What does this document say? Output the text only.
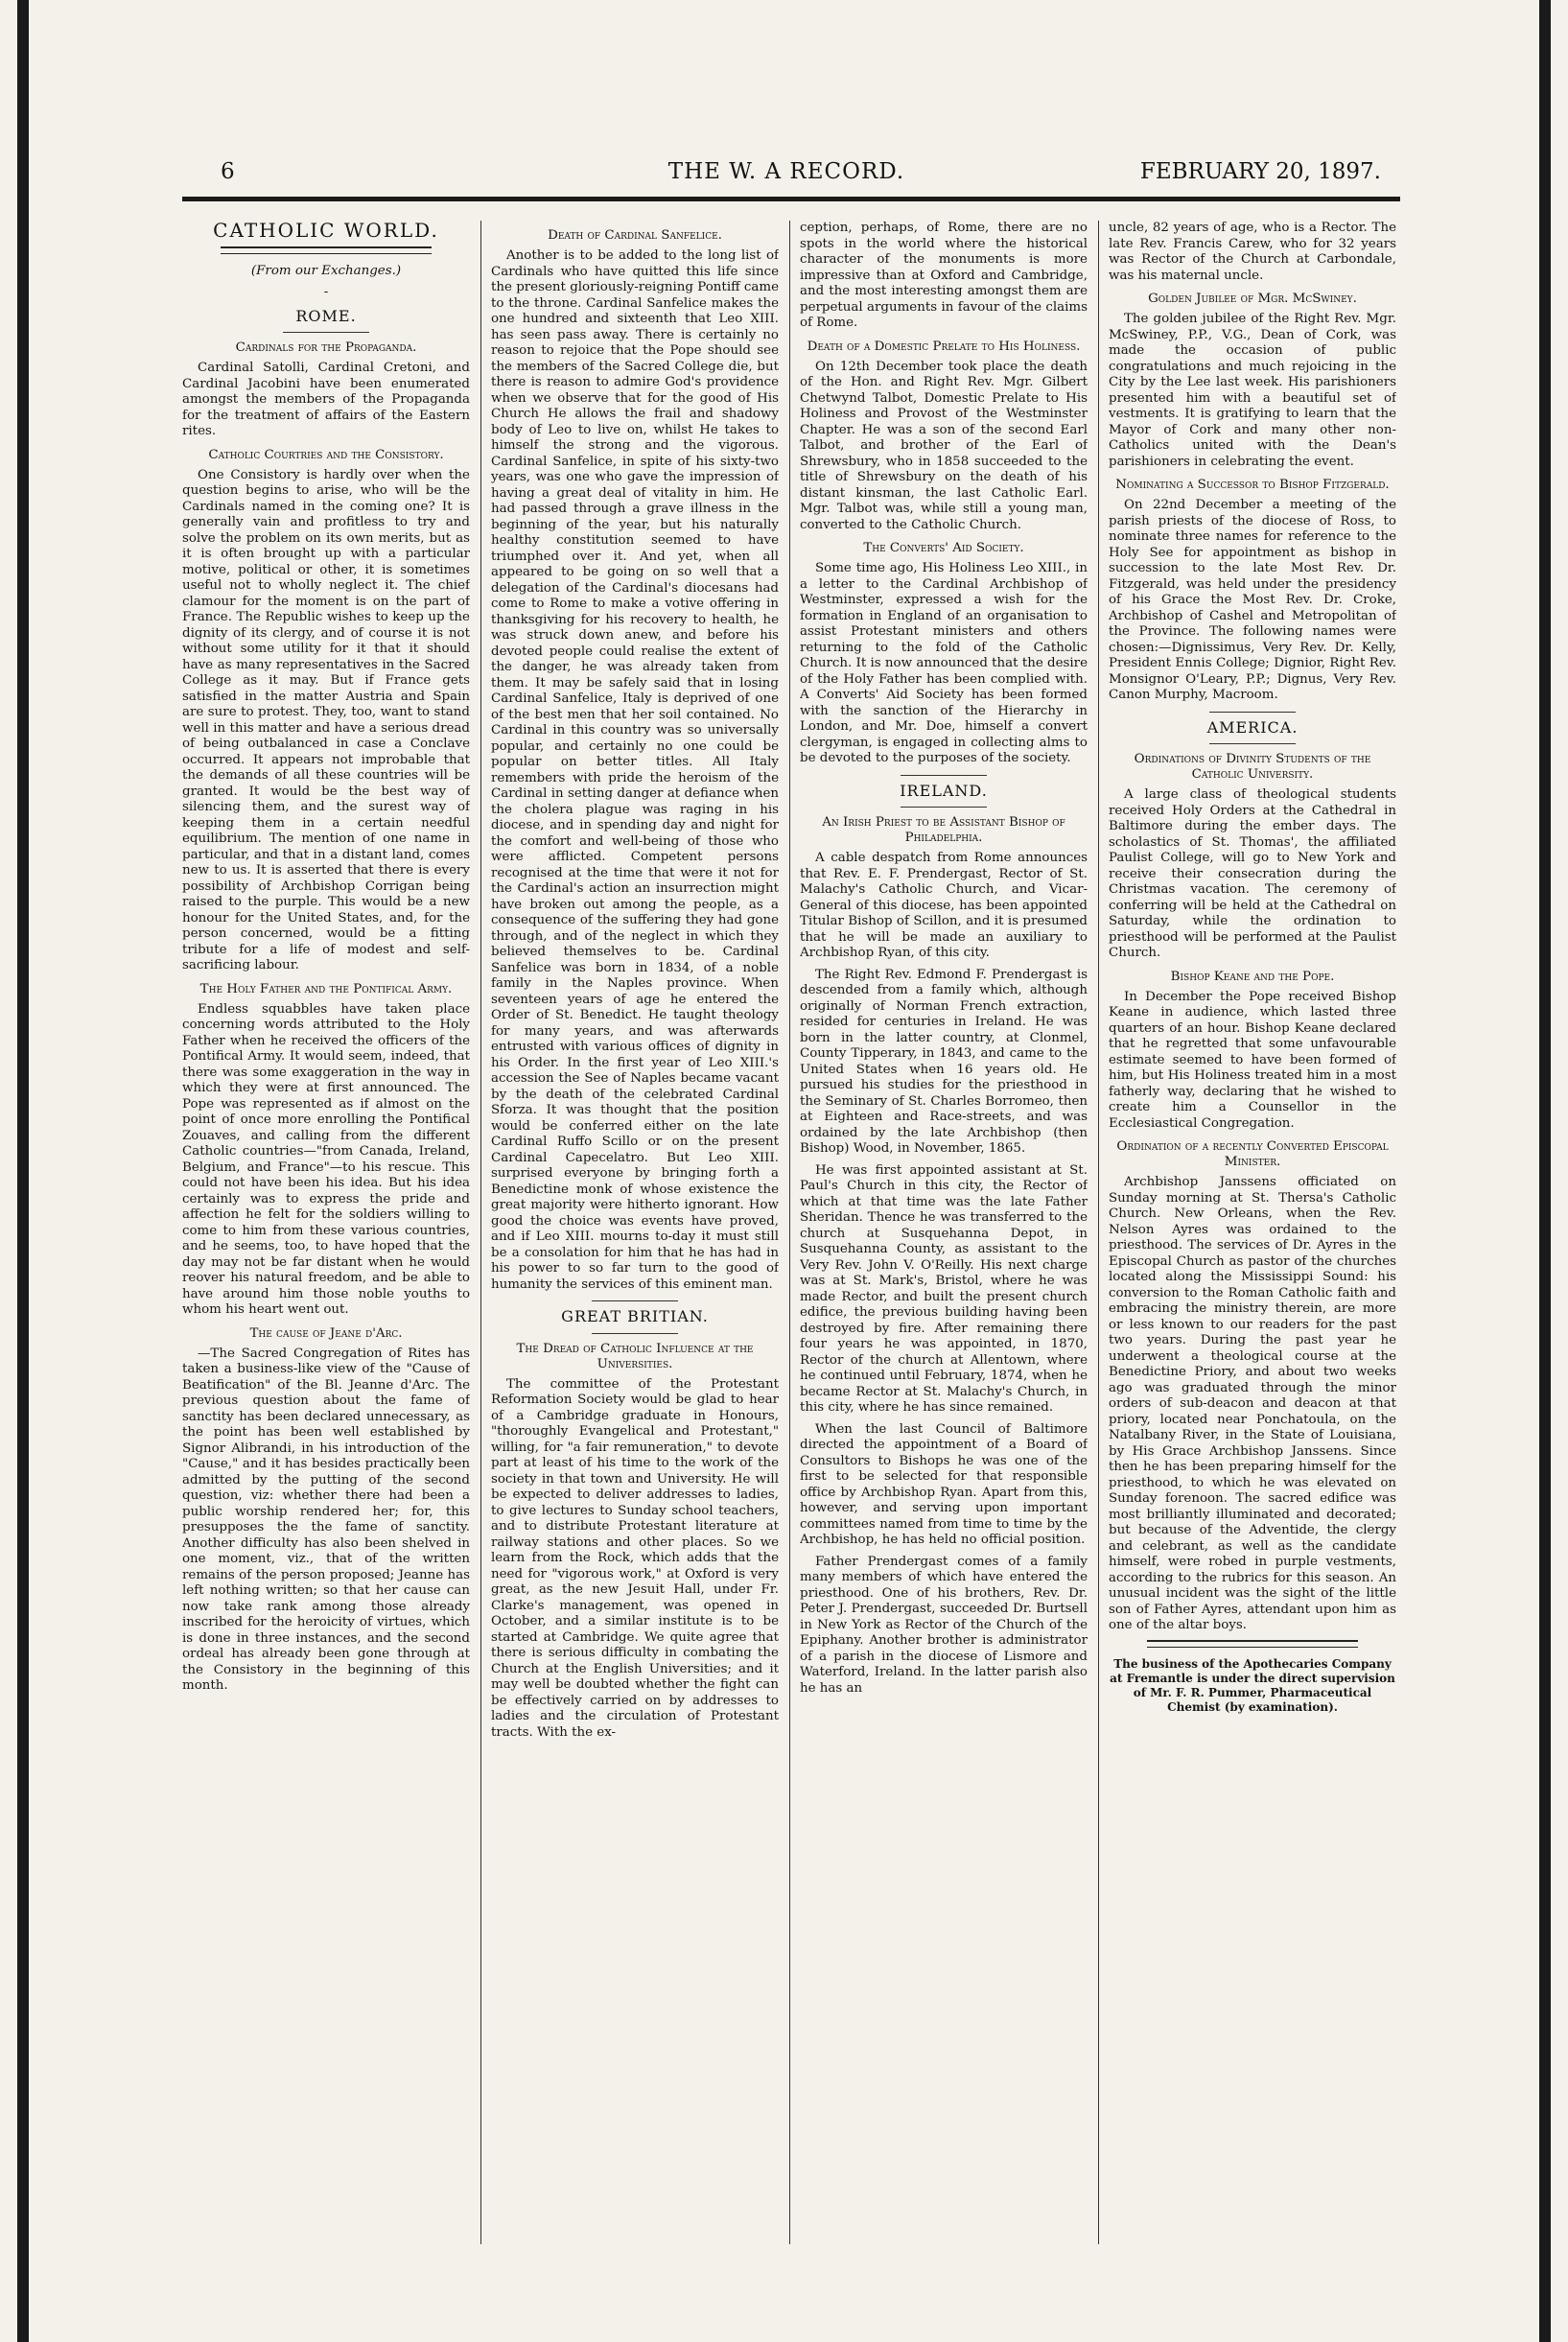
6	THE W. A RECORD.	FEBRUARY 20, 1897.
CATHOLIC WORLD.
(From our Exchanges.)
-
ROME.
Cardinals for the Propaganda.

Cardinal Satolli, Cardinal Cretoni, and Cardinal Jacobini have been enumerated amongst the members of the Propaganda for the treatment of affairs of the Eastern rites.

Catholic Courtries and the Consistory.

One Consistory is hardly over when the question begins to arise, who will be the Cardinals named in the coming one? It is generally vain and profitless to try and solve the problem on its own merits, but as it is often brought up with a particular motive, political or other, it is sometimes useful not to wholly neglect it. The chief clamour for the moment is on the part of France. The Republic wishes to keep up the dignity of its clergy, and of course it is not without some utility for it that it should have as many representatives in the Sacred College as it may. But if France gets satisfied in the matter Austria and Spain are sure to protest. They, too, want to stand well in this matter and have a serious dread of being outbalanced in case a Conclave occurred. It appears not improbable that the demands of all these countries will be granted. It would be the best way of silencing them, and the surest way of keeping them in a certain needful equilibrium. The mention of one name in particular, and that in a distant land, comes new to us. It is asserted that there is every possibility of Archbishop Corrigan being raised to the purple. This would be a new honour for the United States, and, for the person concerned, would be a fitting tribute for a life of modest and self-sacrificing labour.

The Holy Father and the Pontifical Army.

Endless squabbles have taken place concerning words attributed to the Holy Father when he received the officers of the Pontifical Army. It would seem, indeed, that there was some exaggeration in the way in which they were at first announced. The Pope was represented as if almost on the point of once more enrolling the Pontifical Zouaves, and calling from the different Catholic countries—"from Canada, Ireland, Belgium, and France"—to his rescue. This could not have been his idea. But his idea certainly was to express the pride and affection he felt for the soldiers willing to come to him from these various countries, and he seems, too, to have hoped that the day may not be far distant when he would reover his natural freedom, and be able to have around him those noble youths to whom his heart went out.

The cause of Jeane d'Arc.

—The Sacred Congregation of Rites has taken a business-like view of the "Cause of Beatification" of the Bl. Jeanne d'Arc. The previous question about the fame of sanctity has been declared unnecessary, as the point has been well established by Signor Alibrandi, in his introduction of the "Cause," and it has besides practically been admitted by the putting of the second question, viz: whether there had been a public worship rendered her; for, this presupposes the the fame of sanctity. Another difficulty has also been shelved in one moment, viz., that of the written remains of the person proposed; Jeanne has left nothing written; so that her cause can now take rank among those already inscribed for the heroicity of virtues, which is done in three instances, and the second ordeal has already been gone through at the Consistory in the beginning of this month.

Death of Cardinal Sanfelice.

Another is to be added to the long list of Cardinals who have quitted this life since the present gloriously-reigning Pontiff came to the throne. Cardinal Sanfelice makes the one hundred and sixteenth that Leo XIII. has seen pass away. There is certainly no reason to rejoice that the Pope should see the members of the Sacred College die, but there is reason to admire God's providence when we observe that for the good of His Church He allows the frail and shadowy body of Leo to live on, whilst He takes to himself the strong and the vigorous. Cardinal Sanfelice, in spite of his sixty-two years, was one who gave the impression of having a great deal of vitality in him. He had passed through a grave illness in the beginning of the year, but his naturally healthy constitution seemed to have triumphed over it. And yet, when all appeared to be going on so well that a delegation of the Cardinal's diocesans had come to Rome to make a votive offering in thanksgiving for his recovery to health, he was struck down anew, and before his devoted people could realise the extent of the danger, he was already taken from them. It may be safely said that in losing Cardinal Sanfelice, Italy is deprived of one of the best men that her soil contained. No Cardinal in this country was so universally popular, and certainly no one could be popular on better titles. All Italy remembers with pride the heroism of the Cardinal in setting danger at defiance when the cholera plague was raging in his diocese, and in spending day and night for the comfort and well-being of those who were afflicted. Competent persons recognised at the time that were it not for the Cardinal's action an insurrection might have broken out among the people, as a consequence of the suffering they had gone through, and of the neglect in which they believed themselves to be. Cardinal Sanfelice was born in 1834, of a noble family in the Naples province. When seventeen years of age he entered the Order of St. Benedict. He taught theology for many years, and was afterwards entrusted with various offices of dignity in his Order. In the first year of Leo XIII.'s accession the See of Naples became vacant by the death of the celebrated Cardinal Sforza. It was thought that the position would be conferred either on the late Cardinal Ruffo Scillo or on the present Cardinal Capecelatro. But Leo XIII. surprised everyone by bringing forth a Benedictine monk of whose existence the great majority were hitherto ignorant. How good the choice was events have proved, and if Leo XIII. mourns to-day it must still be a consolation for him that he has had in his power to so far turn to the good of humanity the services of this eminent man.

GREAT BRITIAN.
The Dread of Catholic Influence at the Universities.

The committee of the Protestant Reformation Society would be glad to hear of a Cambridge graduate in Honours, "thoroughly Evangelical and Protestant," willing, for "a fair remuneration," to devote part at least of his time to the work of the society in that town and University. He will be expected to deliver addresses to ladies, to give lectures to Sunday school teachers, and to distribute Protestant literature at railway stations and other places. So we learn from the Rock, which adds that the need for "vigorous work," at Oxford is very great, as the new Jesuit Hall, under Fr. Clarke's management, was opened in October, and a similar institute is to be started at Cambridge. We quite agree that there is serious difficulty in combating the Church at the English Universities; and it may well be doubted whether the fight can be effectively carried on by addresses to ladies and the circulation of Protestant tracts. With the ex-

ception, perhaps, of Rome, there are no spots in the world where the historical character of the monuments is more impressive than at Oxford and Cambridge, and the most interesting amongst them are perpetual arguments in favour of the claims of Rome.

Death of a Domestic Prelate to His Holiness.

On 12th December took place the death of the Hon. and Right Rev. Mgr. Gilbert Chetwynd Talbot, Domestic Prelate to His Holiness and Provost of the Westminster Chapter. He was a son of the second Earl Talbot, and brother of the Earl of Shrewsbury, who in 1858 succeeded to the title of Shrewsbury on the death of his distant kinsman, the last Catholic Earl. Mgr. Talbot was, while still a young man, converted to the Catholic Church.

The Converts' Aid Society.

Some time ago, His Holiness Leo XIII., in a letter to the Cardinal Archbishop of Westminster, expressed a wish for the formation in England of an organisation to assist Protestant ministers and others returning to the fold of the Catholic Church. It is now announced that the desire of the Holy Father has been complied with. A Converts' Aid Society has been formed with the sanction of the Hierarchy in London, and Mr. Doe, himself a convert clergyman, is engaged in collecting alms to be devoted to the purposes of the society.

IRELAND.
An Irish Priest to be Assistant Bishop of Philadelphia.

A cable despatch from Rome announces that Rev. E. F. Prendergast, Rector of St. Malachy's Catholic Church, and Vicar-General of this diocese, has been appointed Titular Bishop of Scillon, and it is presumed that he will be made an auxiliary to Archbishop Ryan, of this city.

The Right Rev. Edmond F. Prendergast is descended from a family which, although originally of Norman French extraction, resided for centuries in Ireland. He was born in the latter country, at Clonmel, County Tipperary, in 1843, and came to the United States when 16 years old. He pursued his studies for the priesthood in the Seminary of St. Charles Borromeo, then at Eighteen and Race-streets, and was ordained by the late Archbishop (then Bishop) Wood, in November, 1865.

He was first appointed assistant at St. Paul's Church in this city, the Rector of which at that time was the late Father Sheridan. Thence he was transferred to the church at Susquehanna Depot, in Susquehanna County, as assistant to the Very Rev. John V. O'Reilly. His next charge was at St. Mark's, Bristol, where he was made Rector, and built the present church edifice, the previous building having been destroyed by fire. After remaining there four years he was appointed, in 1870, Rector of the church at Allentown, where he continued until February, 1874, when he became Rector at St. Malachy's Church, in this city, where he has since remained.

When the last Council of Baltimore directed the appointment of a Board of Consultors to Bishops he was one of the first to be selected for that responsible office by Archbishop Ryan. Apart from this, however, and serving upon important committees named from time to time by the Archbishop, he has held no official position.

Father Prendergast comes of a family many members of which have entered the priesthood. One of his brothers, Rev. Dr. Peter J. Prendergast, succeeded Dr. Burtsell in New York as Rector of the Church of the Epiphany. Another brother is administrator of a parish in the diocese of Lismore and Waterford, Ireland. In the latter parish also he has an

uncle, 82 years of age, who is a Rector. The late Rev. Francis Carew, who for 32 years was Rector of the Church at Carbondale, was his maternal uncle.

Golden Jubilee of Mgr. McSwiney.

The golden jubilee of the Right Rev. Mgr. McSwiney, P.P., V.G., Dean of Cork, was made the occasion of public congratulations and much rejoicing in the City by the Lee last week. His parishioners presented him with a beautiful set of vestments. It is gratifying to learn that the Mayor of Cork and many other non-Catholics united with the Dean's parishioners in celebrating the event.

Nominating a Successor to Bishop Fitzgerald.

On 22nd December a meeting of the parish priests of the diocese of Ross, to nominate three names for reference to the Holy See for appointment as bishop in succession to the late Most Rev. Dr. Fitzgerald, was held under the presidency of his Grace the Most Rev. Dr. Croke, Archbishop of Cashel and Metropolitan of the Province. The following names were chosen:—Dignissimus, Very Rev. Dr. Kelly, President Ennis College; Dignior, Right Rev. Monsignor O'Leary, P.P.; Dignus, Very Rev. Canon Murphy, Macroom.

AMERICA.
Ordinations of Divinity Students of the Catholic University.

A large class of theological students received Holy Orders at the Cathedral in Baltimore during the ember days. The scholastics of St. Thomas', the affiliated Paulist College, will go to New York and receive their consecration during the Christmas vacation. The ceremony of conferring will be held at the Cathedral on Saturday, while the ordination to priesthood will be performed at the Paulist Church.

Bishop Keane and the Pope.

In December the Pope received Bishop Keane in audience, which lasted three quarters of an hour. Bishop Keane declared that he regretted that some unfavourable estimate seemed to have been formed of him, but His Holiness treated him in a most fatherly way, declaring that he wished to create him a Counsellor in the Ecclesiastical Congregation.

Ordination of a recently Converted Episcopal Minister.

Archbishop Janssens officiated on Sunday morning at St. Thersa's Catholic Church. New Orleans, when the Rev. Nelson Ayres was ordained to the priesthood. The services of Dr. Ayres in the Episcopal Church as pastor of the churches located along the Mississippi Sound: his conversion to the Roman Catholic faith and embracing the ministry therein, are more or less known to our readers for the past two years. During the past year he underwent a theological course at the Benedictine Priory, and about two weeks ago was graduated through the minor orders of sub-deacon and deacon at that priory, located near Ponchatoula, on the Natalbany River, in the State of Louisiana, by His Grace Archbishop Janssens. Since then he has been preparing himself for the priesthood, to which he was elevated on Sunday forenoon. The sacred edifice was most brilliantly illuminated and decorated; but because of the Adventide, the clergy and celebrant, as well as the candidate himself, were robed in purple vestments, according to the rubrics for this season. An unusual incident was the sight of the little son of Father Ayres, attendant upon him as one of the altar boys.

The business of the Apothecaries Company at Fremantle is under the direct supervision of Mr. F. R. Pummer, Pharmaceutical Chemist (by examination).
